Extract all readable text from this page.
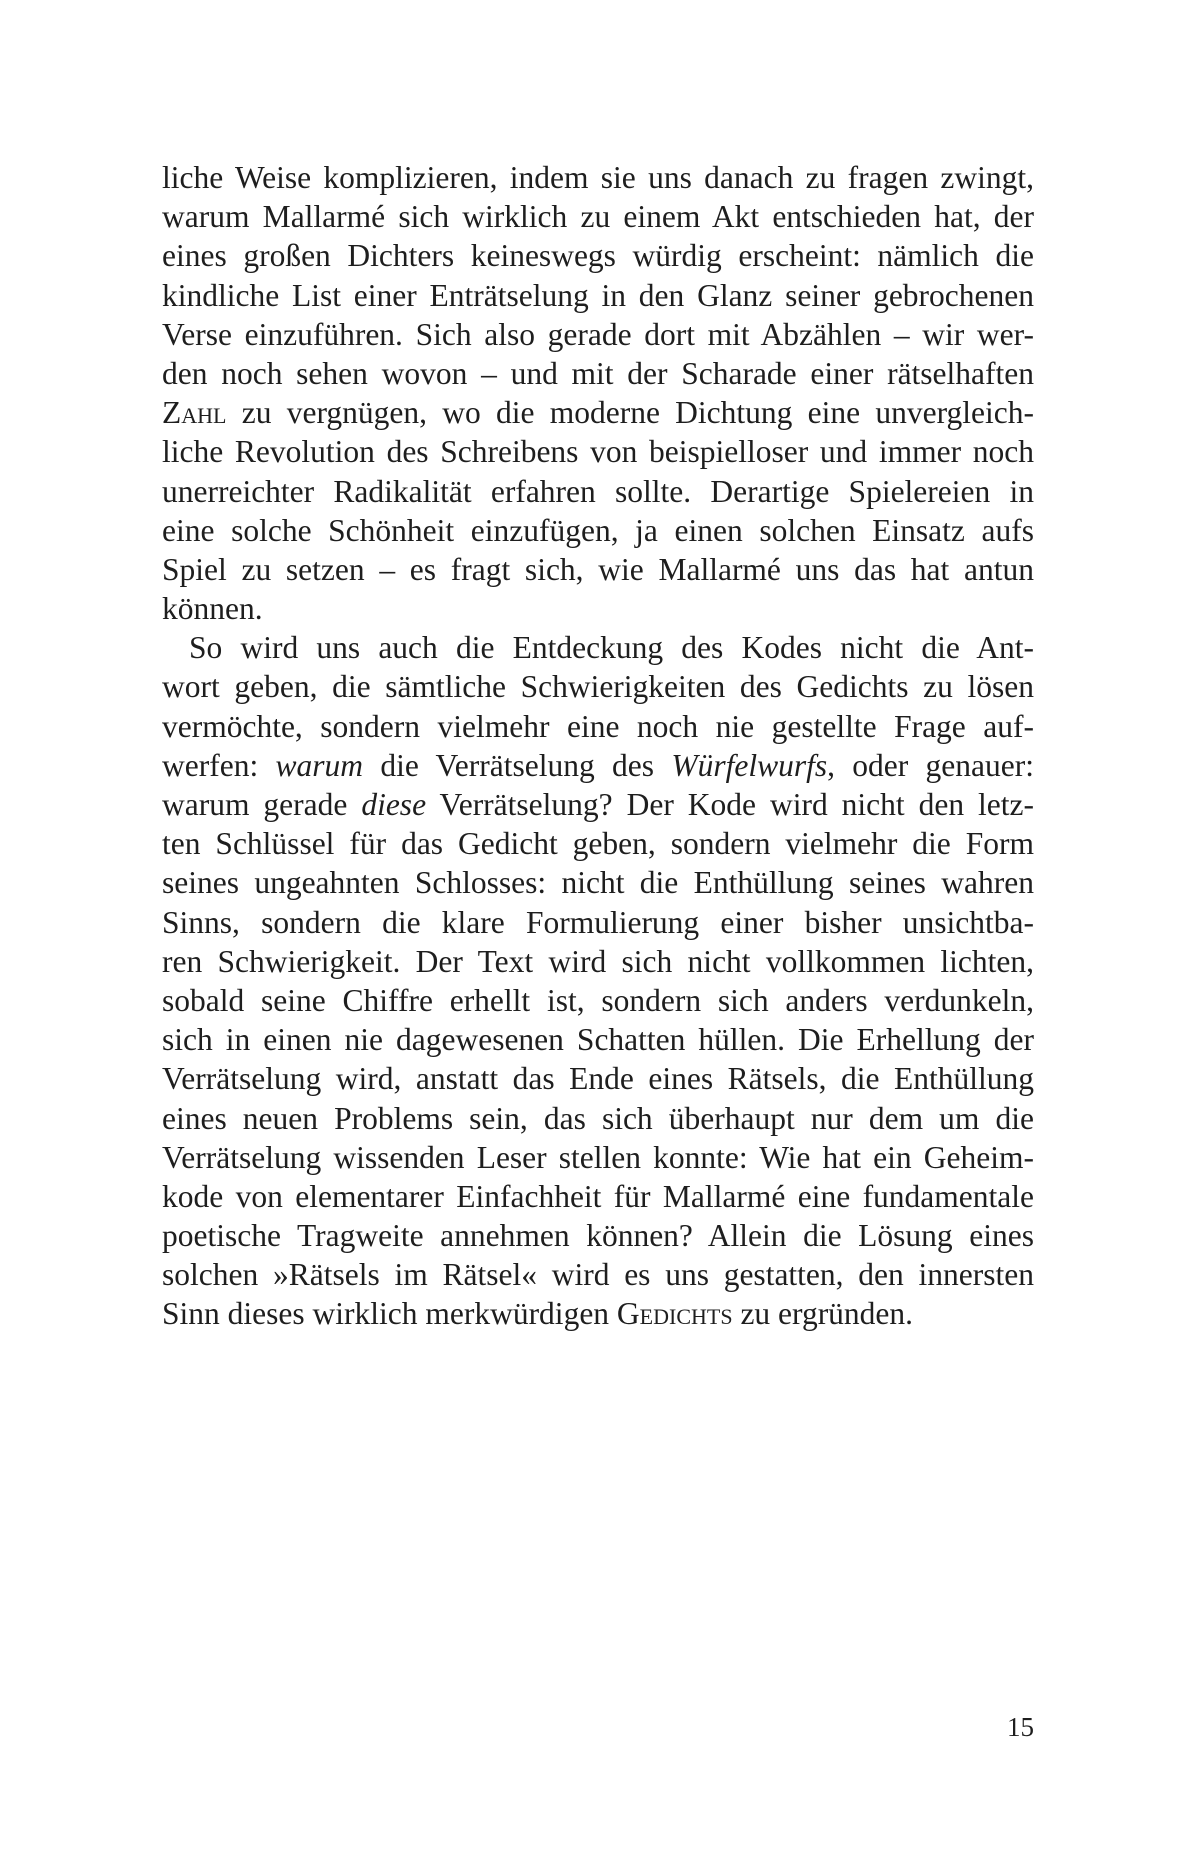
liche Weise komplizieren, indem sie uns danach zu fragen zwingt,
warum Mallarmé sich wirklich zu einem Akt entschieden hat, der
eines großen Dichters keineswegs würdig erscheint: nämlich die
kindliche List einer Enträtselung in den Glanz seiner gebrochenen
Verse einzuführen. Sich also gerade dort mit Abzählen – wir wer-
den noch sehen wovon – und mit der Scharade einer rätselhaften
Zahl zu vergnügen, wo die moderne Dichtung eine unvergleich-
liche Revolution des Schreibens von beispielloser und immer noch
unerreichter Radikalität erfahren sollte. Derartige Spielereien in
eine solche Schönheit einzufügen, ja einen solchen Einsatz aufs
Spiel zu setzen – es fragt sich, wie Mallarmé uns das hat antun
können.
So wird uns auch die Entdeckung des Kodes nicht die Ant-
wort geben, die sämtliche Schwierigkeiten des Gedichts zu lösen
vermöchte, sondern vielmehr eine noch nie gestellte Frage auf-
werfen: warum die Verrätselung des Würfelwurfs, oder genauer:
warum gerade diese Verrätselung? Der Kode wird nicht den letz-
ten Schlüssel für das Gedicht geben, sondern vielmehr die Form
seines ungeahnten Schlosses: nicht die Enthüllung seines wahren
Sinns, sondern die klare Formulierung einer bisher unsichtba-
ren Schwierigkeit. Der Text wird sich nicht vollkommen lichten,
sobald seine Chiffre erhellt ist, sondern sich anders verdunkeln,
sich in einen nie dagewesenen Schatten hüllen. Die Erhellung der
Verrätselung wird, anstatt das Ende eines Rätsels, die Enthüllung
eines neuen Problems sein, das sich überhaupt nur dem um die
Verrätselung wissenden Leser stellen konnte: Wie hat ein Geheim-
kode von elementarer Einfachheit für Mallarmé eine fundamentale
poetische Tragweite annehmen können? Allein die Lösung eines
solchen »Rätsels im Rätsel« wird es uns gestatten, den innersten
Sinn dieses wirklich merkwürdigen Gedichts zu ergründen.
15
